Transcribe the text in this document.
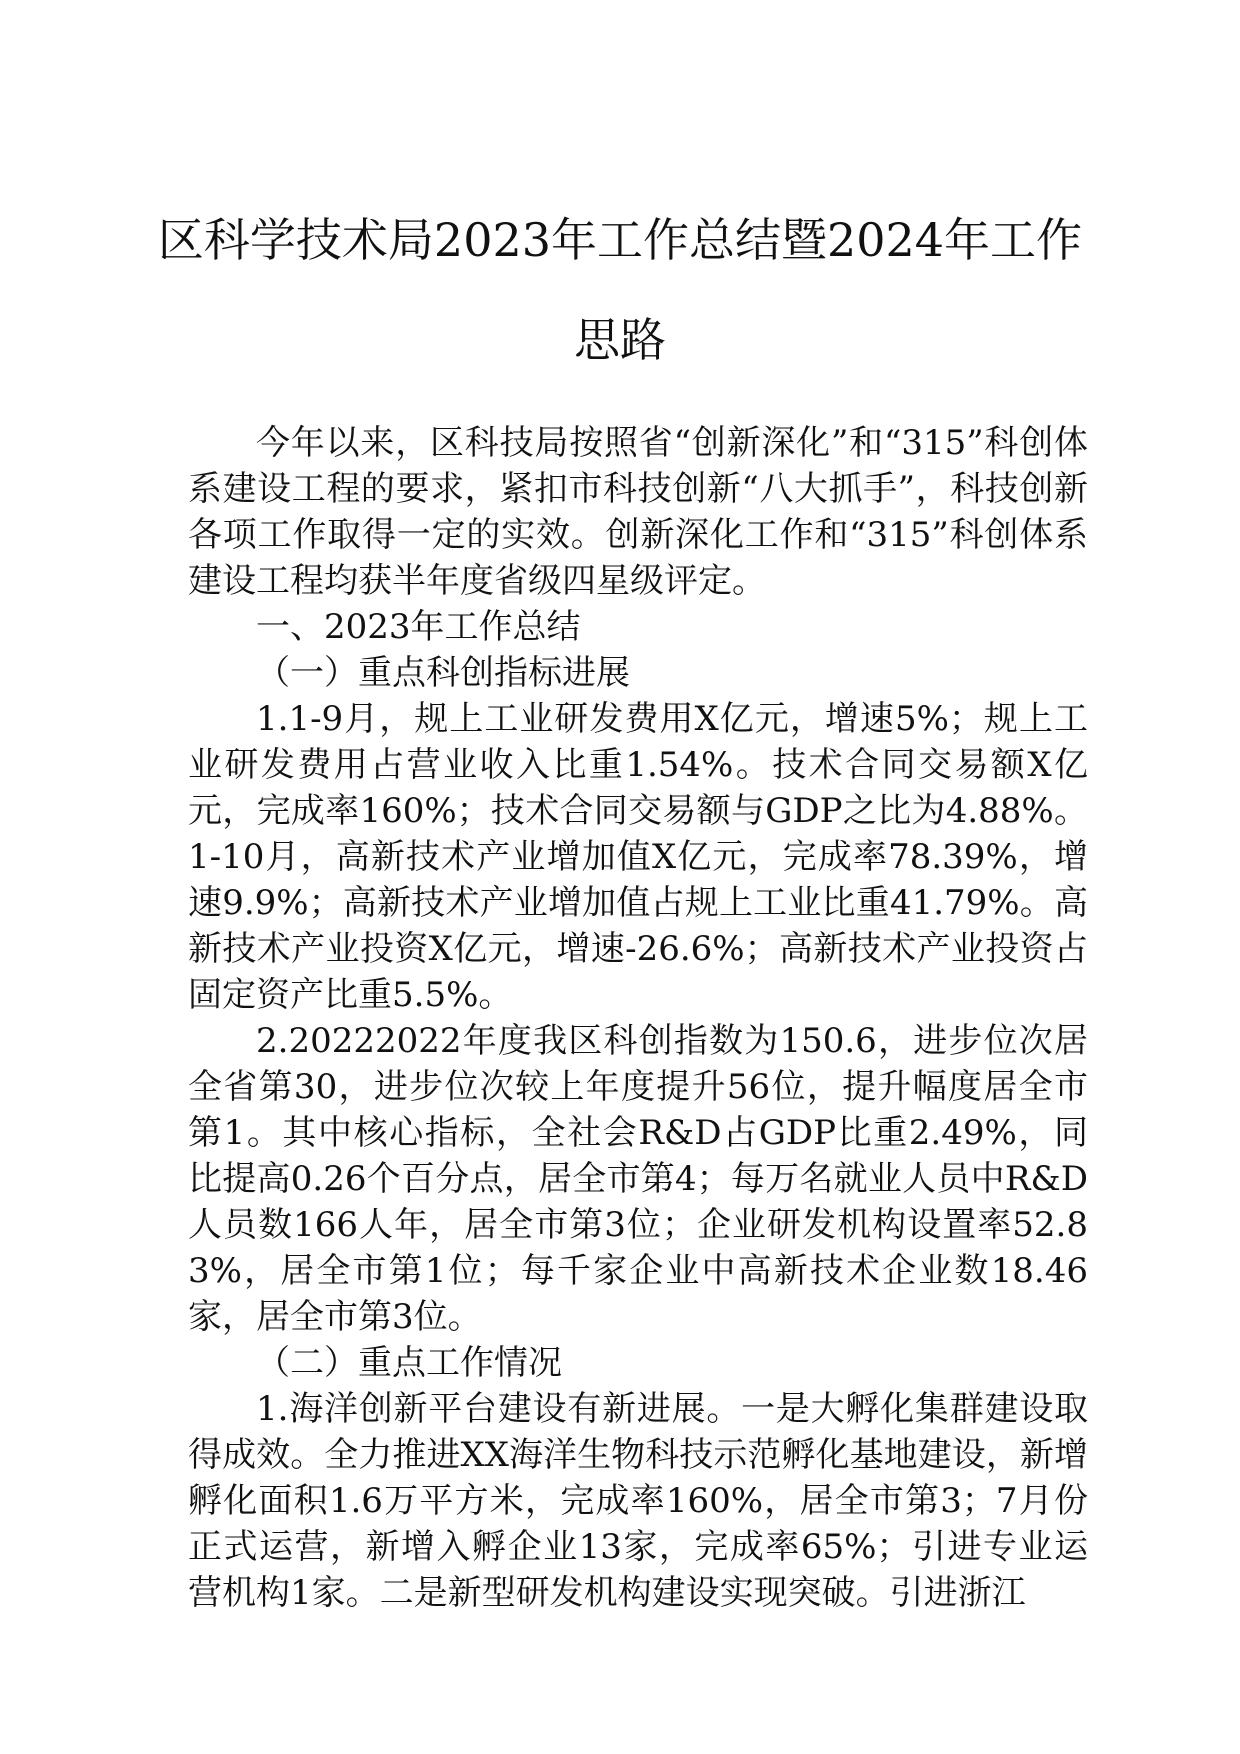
区科学技术局2023年工作总结暨2024年工作思路

今年以来，区科技局按照省“创新深化”和“315”科创体系建设工程的要求，紧扣市科技创新“八大抓手”，科技创新各项工作取得一定的实效。创新深化工作和“315”科创体系建设工程均获半年度省级四星级评定。

一、2023年工作总结

（一）重点科创指标进展

1.1-9月，规上工业研发费用X亿元，增速5%；规上工业研发费用占营业收入比重1.54%。技术合同交易额X亿元，完成率160%；技术合同交易额与GDP之比为4.88%。1-10月，高新技术产业增加值X亿元，完成率78.39%，增速9.9%；高新技术产业增加值占规上工业比重41.79%。高新技术产业投资X亿元，增速-26.6%；高新技术产业投资占固定资产比重5.5%。

2.20222022年度我区科创指数为150.6，进步位次居全省第30，进步位次较上年度提升56位，提升幅度居全市第1。其中核心指标，全社会R&D占GDP比重2.49%，同比提高0.26个百分点，居全市第4；每万名就业人员中R&D人员数166人年，居全市第3位；企业研发机构设置率52.83%，居全市第1位；每千家企业中高新技术企业数18.46家，居全市第3位。

（二）重点工作情况

1.海洋创新平台建设有新进展。一是大孵化集群建设取得成效。全力推进XX海洋生物科技示范孵化基地建设，新增孵化面积1.6万平方米，完成率160%，居全市第3；7月份正式运营，新增入孵企业13家，完成率65%；引进专业运营机构1家。二是新型研发机构建设实现突破。引进浙江
